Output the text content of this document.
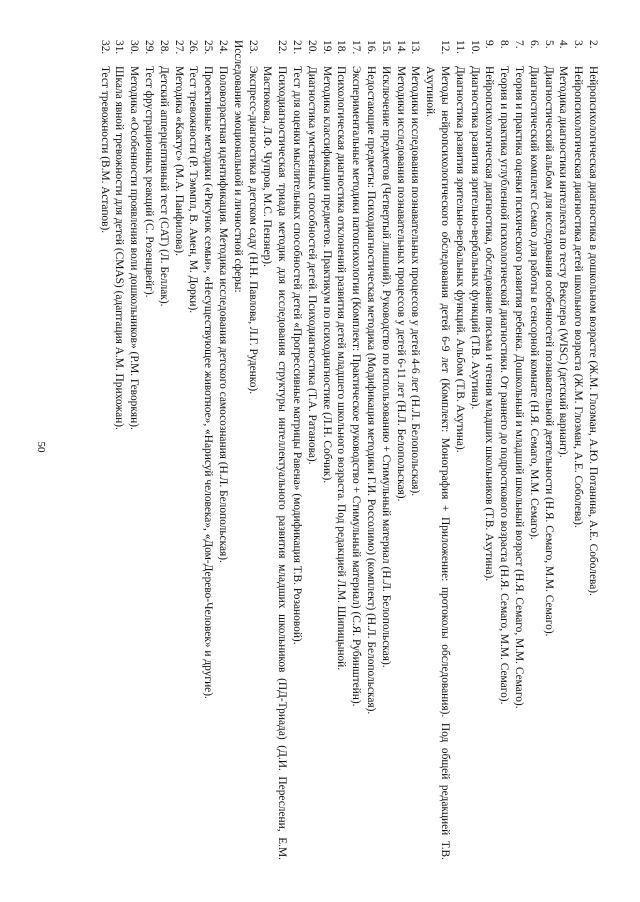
50
2.
Нейропсихологическая диагностика в дошкольном возрасте (Ж.М. Глозман, А.Ю. Потанина, А.Е. Соболева).
3.
Нейропсихологическая диагностика детей школьного возраста (Ж.М. Глозман, А.Е. Соболева).
4.
Методика диагностики интеллекта по тесту Векслера (WISC) (детский вариант).
5.
Диагностический альбом для исследования особенностей познавательной деятельности (Н.Я. Семаго, М.М. Семаго).
6.
Диагностический комплект Семаго для работы в сенсорной комнате (Н.Я. Семаго, М.М. Семаго).
7.
Теория и практика оценки психического развития ребенка. Дошкольный и младший школьный возраст (Н.Я. Семаго, М.М. Семаго).
8.
Теория и практика углубленной психологической диагностики. От раннего до подросткового возраста (Н.Я. Семаго, М.М. Семаго).
9.
Нейропсихологическая диагностика, обследование письма и чтения младших школьников (Т.В. Ахутина).
10.
Диагностика развития зрительно-вербальных функций (Т.В. Ахутина).
11.
Диагностика развития зрительно-вербальных функций. Альбом (Т.В. Ахутина).
12.
Методы нейропсихологического обследования детей 6-9 лет (Комплект: Монография + Приложение: протоколы обследования). Под общей редакцией Т.В. Ахутиной.
13.
Методики исследования познавательных процессов у детей 4-6 лет (Н.Л. Белопольская).
14.
Методики исследования познавательных процессов у детей 6-11 лет (Н.Л. Белопольская).
15.
Исключение предметов (Четвертый лишний). Руководство по использованию + Стимульный материал (Н.Л. Белопольская).
16.
Недостающие предметы: Психодиагностическая методика (Модификация методики Г.И. Россолимо) (комплект) (Н.Л. Белопольская).
17.
Экспериментальные методики патопсихологии (Комплект: Практическое руководство + Стимульный материал) (С.Я. Рубинштейн).
18.
Психологическая диагностика отклонений развития детей младшего школьного возраста. Под редакцией Л.М. Шипицыной.
19.
Методика классификации предметов. Практикум по психодиагностике (Л.Н. Собчик).
20.
Диагностика умственных способностей детей. Психодиагностика (Т.А. Ратанова).
21.
Тест для оценки мыслительных способностей детей «Прогрессивные матрицы Равена» (модификация Т.В. Розановой).
22.
Психодиагностическая триада методик для исследования структуры интеллектуального развития младших школьников (ПД-Триада) (Д.И. Переслени, Е.М. Мастюкова, Л.Ф. Чупров, М.С. Пензнер).
23.
Экспресс-диагностика в детском саду (Н.Н. Павлова, Л.Г. Руденко).
Исследование эмоциональной и личностной сферы:
24.
Половозрастная идентификация. Методика исследования детского самосознания (Н.Л. Белопольская).
25.
Проективные методики («Рисунок семьи», «Несуществующее животное», «Нарисуй человека», «Дом-Дерево-Человек» и другие).
26.
Тест тревожности (Р. Тэммпл, В. Амен, М. Дорки).
27.
Методика «Кактус» (М.А. Панфилова).
28.
Детский апперцептивный тест (CAT) (Л. Беллак).
29.
Тест фрустрационных реакций (С. Розенцвейг).
30.
Методика «Особенности проявления воли дошкольников» (Р.М. Геворкян).
31.
Шкала явной тревожности для детей (CMAS) (адаптация А.М. Прихожан).
32.
Тест тревожности (В.М. Астапов).
